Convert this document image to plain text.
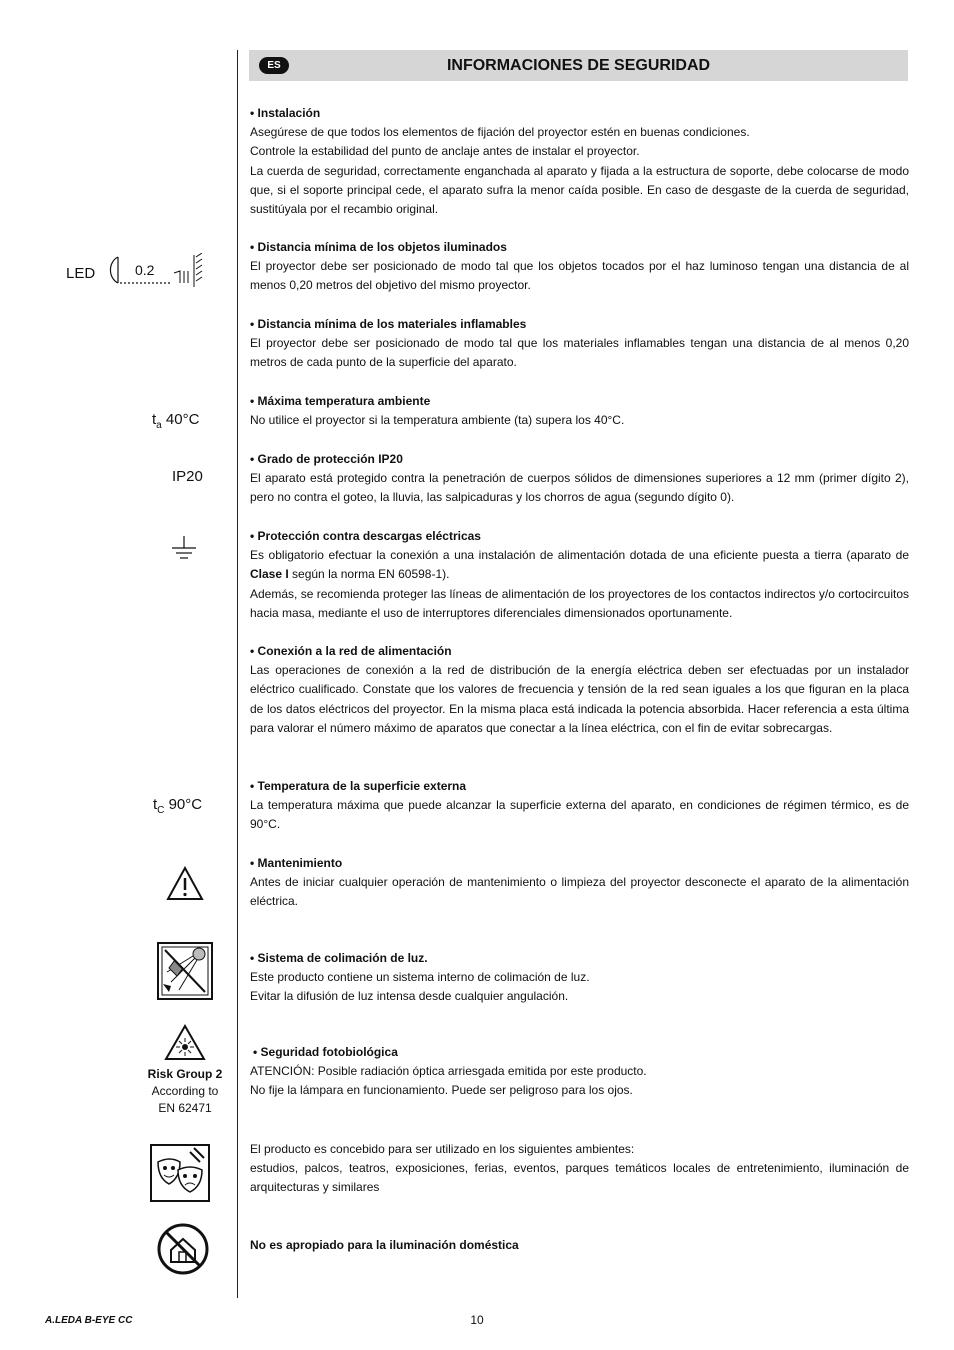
ES	INFORMACIONES DE SEGURIDAD
LED	0.2
$t_a$ 40°C
IP20
$t_C$ 90°C
Risk Group 2
According to
EN 62471
• Instalación

Asegúrese de que todos los elementos de fijación del proyector estén en buenas condiciones.

Controle la estabilidad del punto de anclaje antes de instalar el proyector.

La cuerda de seguridad, correctamente enganchada al aparato y fijada a la estructura de soporte, debe colocarse de modo que, si el soporte principal cede, el aparato sufra la menor caída posible. En caso de desgaste de la cuerda de seguridad, sustitúyala por el recambio original.

• Distancia mínima de los objetos iluminados

El proyector debe ser posicionado de modo tal que los objetos tocados por el haz luminoso tengan una distancia de al menos 0,20 metros del objetivo del mismo proyector.

• Distancia mínima de los materiales inflamables

El proyector debe ser posicionado de modo tal que los materiales inflamables tengan una distancia de al menos 0,20 metros de cada punto de la superficie del aparato.

• Máxima temperatura ambiente

No utilice el proyector si la temperatura ambiente (ta) supera los 40°C.

• Grado de protección IP20

El aparato está protegido contra la penetración de cuerpos sólidos de dimensiones superiores a 12 mm (primer dígito 2), pero no contra el goteo, la lluvia, las salpicaduras y los chorros de agua (segundo dígito 0).

• Protección contra descargas eléctricas

Es obligatorio efectuar la conexión a una instalación de alimentación dotada de una eficiente puesta a tierra (aparato de Clase I según la norma EN 60598-1).

Además, se recomienda proteger las líneas de alimentación de los proyectores de los contactos indirectos y/o cortocircuitos hacia masa, mediante el uso de interruptores diferenciales dimensionados oportunamente.

• Conexión a la red de alimentación

Las operaciones de conexión a la red de distribución de la energía eléctrica deben ser efectuadas por un instalador eléctrico cualificado. Constate que los valores de frecuencia y tensión de la red sean iguales a los que figuran en la placa de los datos eléctricos del proyector. En la misma placa está indicada la potencia absorbida. Hacer referencia a esta última para valorar el número máximo de aparatos que conectar a la línea eléctrica, con el fin de evitar sobrecargas.

• Temperatura de la superficie externa

La temperatura máxima que puede alcanzar la superficie externa del aparato, en condiciones de régimen térmico, es de 90°C.

• Mantenimiento

Antes de iniciar cualquier operación de mantenimiento o limpieza del proyector desconecte el aparato de la alimentación eléctrica.

• Sistema de colimación de luz.

Este producto contiene un sistema interno de colimación de luz.

Evitar la difusión de luz intensa desde cualquier angulación.

• Seguridad fotobiológica

ATENCIÓN: Posible radiación óptica arriesgada emitida por este producto.

No fije la lámpara en funcionamiento. Puede ser peligroso para los ojos.

El producto es concebido para ser utilizado en los siguientes ambientes:

estudios, palcos, teatros, exposiciones, ferias, eventos, parques temáticos locales de entretenimiento, iluminación de arquitecturas y similares

No es apropiado para la iluminación doméstica
A.LEDA B-EYE CC	10
